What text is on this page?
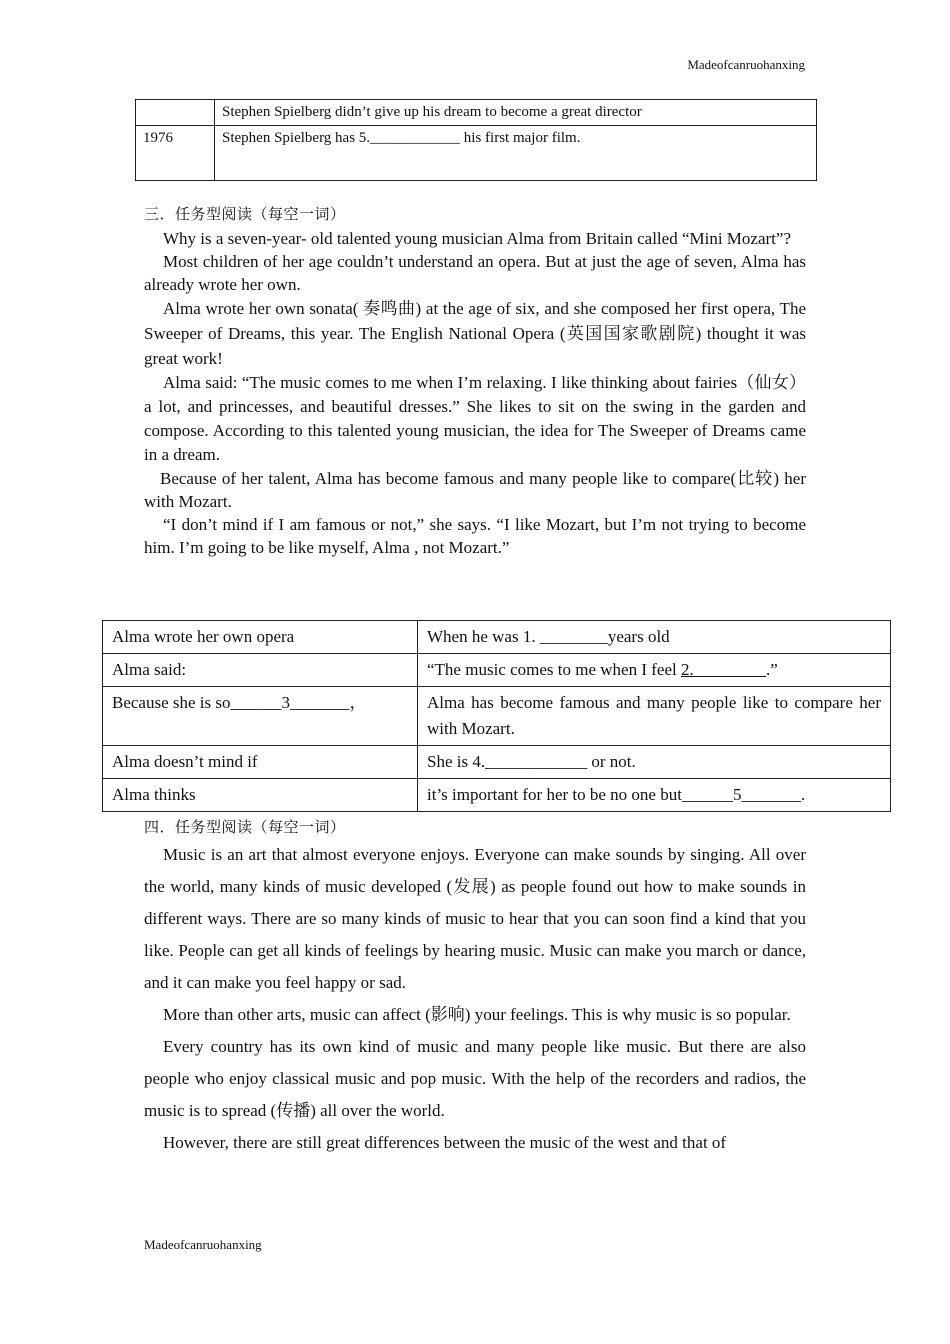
Madeofcanruohanxing
	Stephen Spielberg didn’t give up his dream to become a great director
1976	Stephen Spielberg has 5.____________ his first major film.
三．任务型阅读（每空一词）

Why is a seven-year- old talented young musician Alma from Britain called “Mini Mozart”?

Most children of her age couldn’t understand an opera. But at just the age of seven, Alma has already wrote her own.

Alma wrote her own sonata( 奏鸣曲) at the age of six, and she composed her first opera, The Sweeper of Dreams, this year. The English National Opera (英国国家歌剧院) thought it was great work!

Alma said: “The music comes to me when I’m relaxing. I like thinking about fairies（仙女） a lot, and princesses, and beautiful dresses.” She likes to sit on the swing in the garden and compose. According to this talented young musician, the idea for The Sweeper of Dreams came in a dream.

Because of her talent, Alma has become famous and many people like to compare(比较) her with Mozart.

“I don’t mind if I am famous or not,” she says. “I like Mozart, but I’m not trying to become him. I’m going to be like myself, Alma , not Mozart.”

Alma wrote her own opera	When he was 1. ________years old
Alma said:	“The music comes to me when I feel 2.________ .”
Because she is so______3_______，	Alma has become famous and many people like to compare her with Mozart.
Alma doesn’t mind if	She is 4.____________ or not.
Alma thinks	it’s important for her to be no one but______5_______.
四．任务型阅读（每空一词）

Music is an art that almost everyone enjoys. Everyone can make sounds by singing. All over the world, many kinds of music developed (发展) as people found out how to make sounds in different ways. There are so many kinds of music to hear that you can soon find a kind that you like. People can get all kinds of feelings by hearing music. Music can make you march or dance, and it can make you feel happy or sad.

More than other arts, music can affect (影响) your feelings. This is why music is so popular.

Every country has its own kind of music and many people like music. But there are also people who enjoy classical music and pop music. With the help of the recorders and radios, the music is to spread (传播) all over the world.

However, there are still great differences between the music of the west and that of

Madeofcanruohanxing
